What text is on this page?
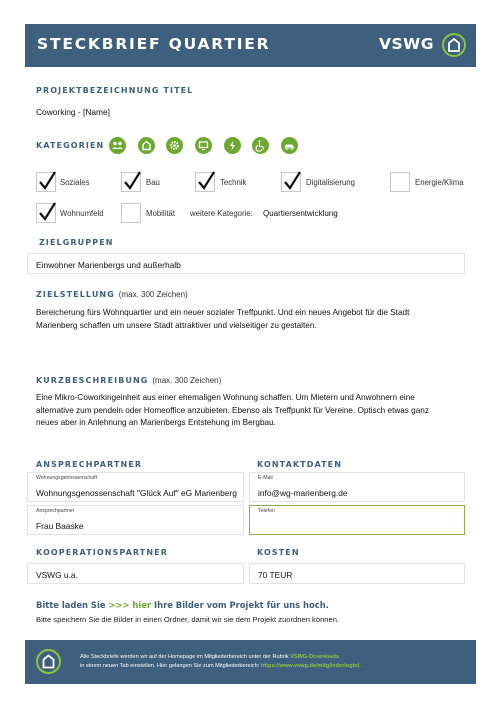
STECKBRIEF QUARTIER	VSWG
PROJEKTBEZEICHNUNG TITEL
Coworking - [Name]
KATEGORIEN
Soziales	Bau	Technik	Digitalisierung	Energie/Klima
Wohnumfeld	Mobilität weitere Kategorie: Quartiersentwicklung
ZIELGRUPPEN
Einwohner Marienbergs und außerhalb
ZIELSTELLUNG (max. 300 Zeichen)
Bereicherung fürs Wohnquartier und ein neuer sozialer Treffpunkt. Und ein neues Angebot für die Stadt
Marienberg schaffen um unsere Stadt attraktiver und vielseitiger zu gestalten.
KURZBESCHREIBUNG (max. 300 Zeichen)
Eine Mikro-Coworkingeinheit aus einer ehemaligen Wohnung schaffen. Um Mietern und Anwohnern eine
alternative zum pendeln oder Homeoffice anzubieten. Ebenso als Treffpunkt für Vereine. Optisch etwas ganz
neues aber in Anlehnung an Marienbergs Entstehung im Bergbau.
ANSPRECHPARTNER
Wohnungsgenossenschaft
Wohnungsgenossenschaft "Glück Auf" eG Marienberg
Ansprechpartner
Frau Baaske
KONTAKTDATEN
E-Mail
info@wg-marienberg.de
Telefon
KOOPERATIONSPARTNER
VSWG u.a.
KOSTEN
70 TEUR
Bitte laden Sie >>> hier Ihre Bilder vom Projekt für uns hoch.
Bitte speichern Sie die Bilder in einen Ordner, damit wir sie dem Projekt zuordnen können.
Alle Steckbriefe werden wir auf der Homepage im Mitgliederbereich unter der Rubrik VSWG-Downloads
in einem neuen Tab einstellen. Hier gelangen Sie zum Mitgliederbereich: https://www.vswg.de/mitgliederlogin/.
